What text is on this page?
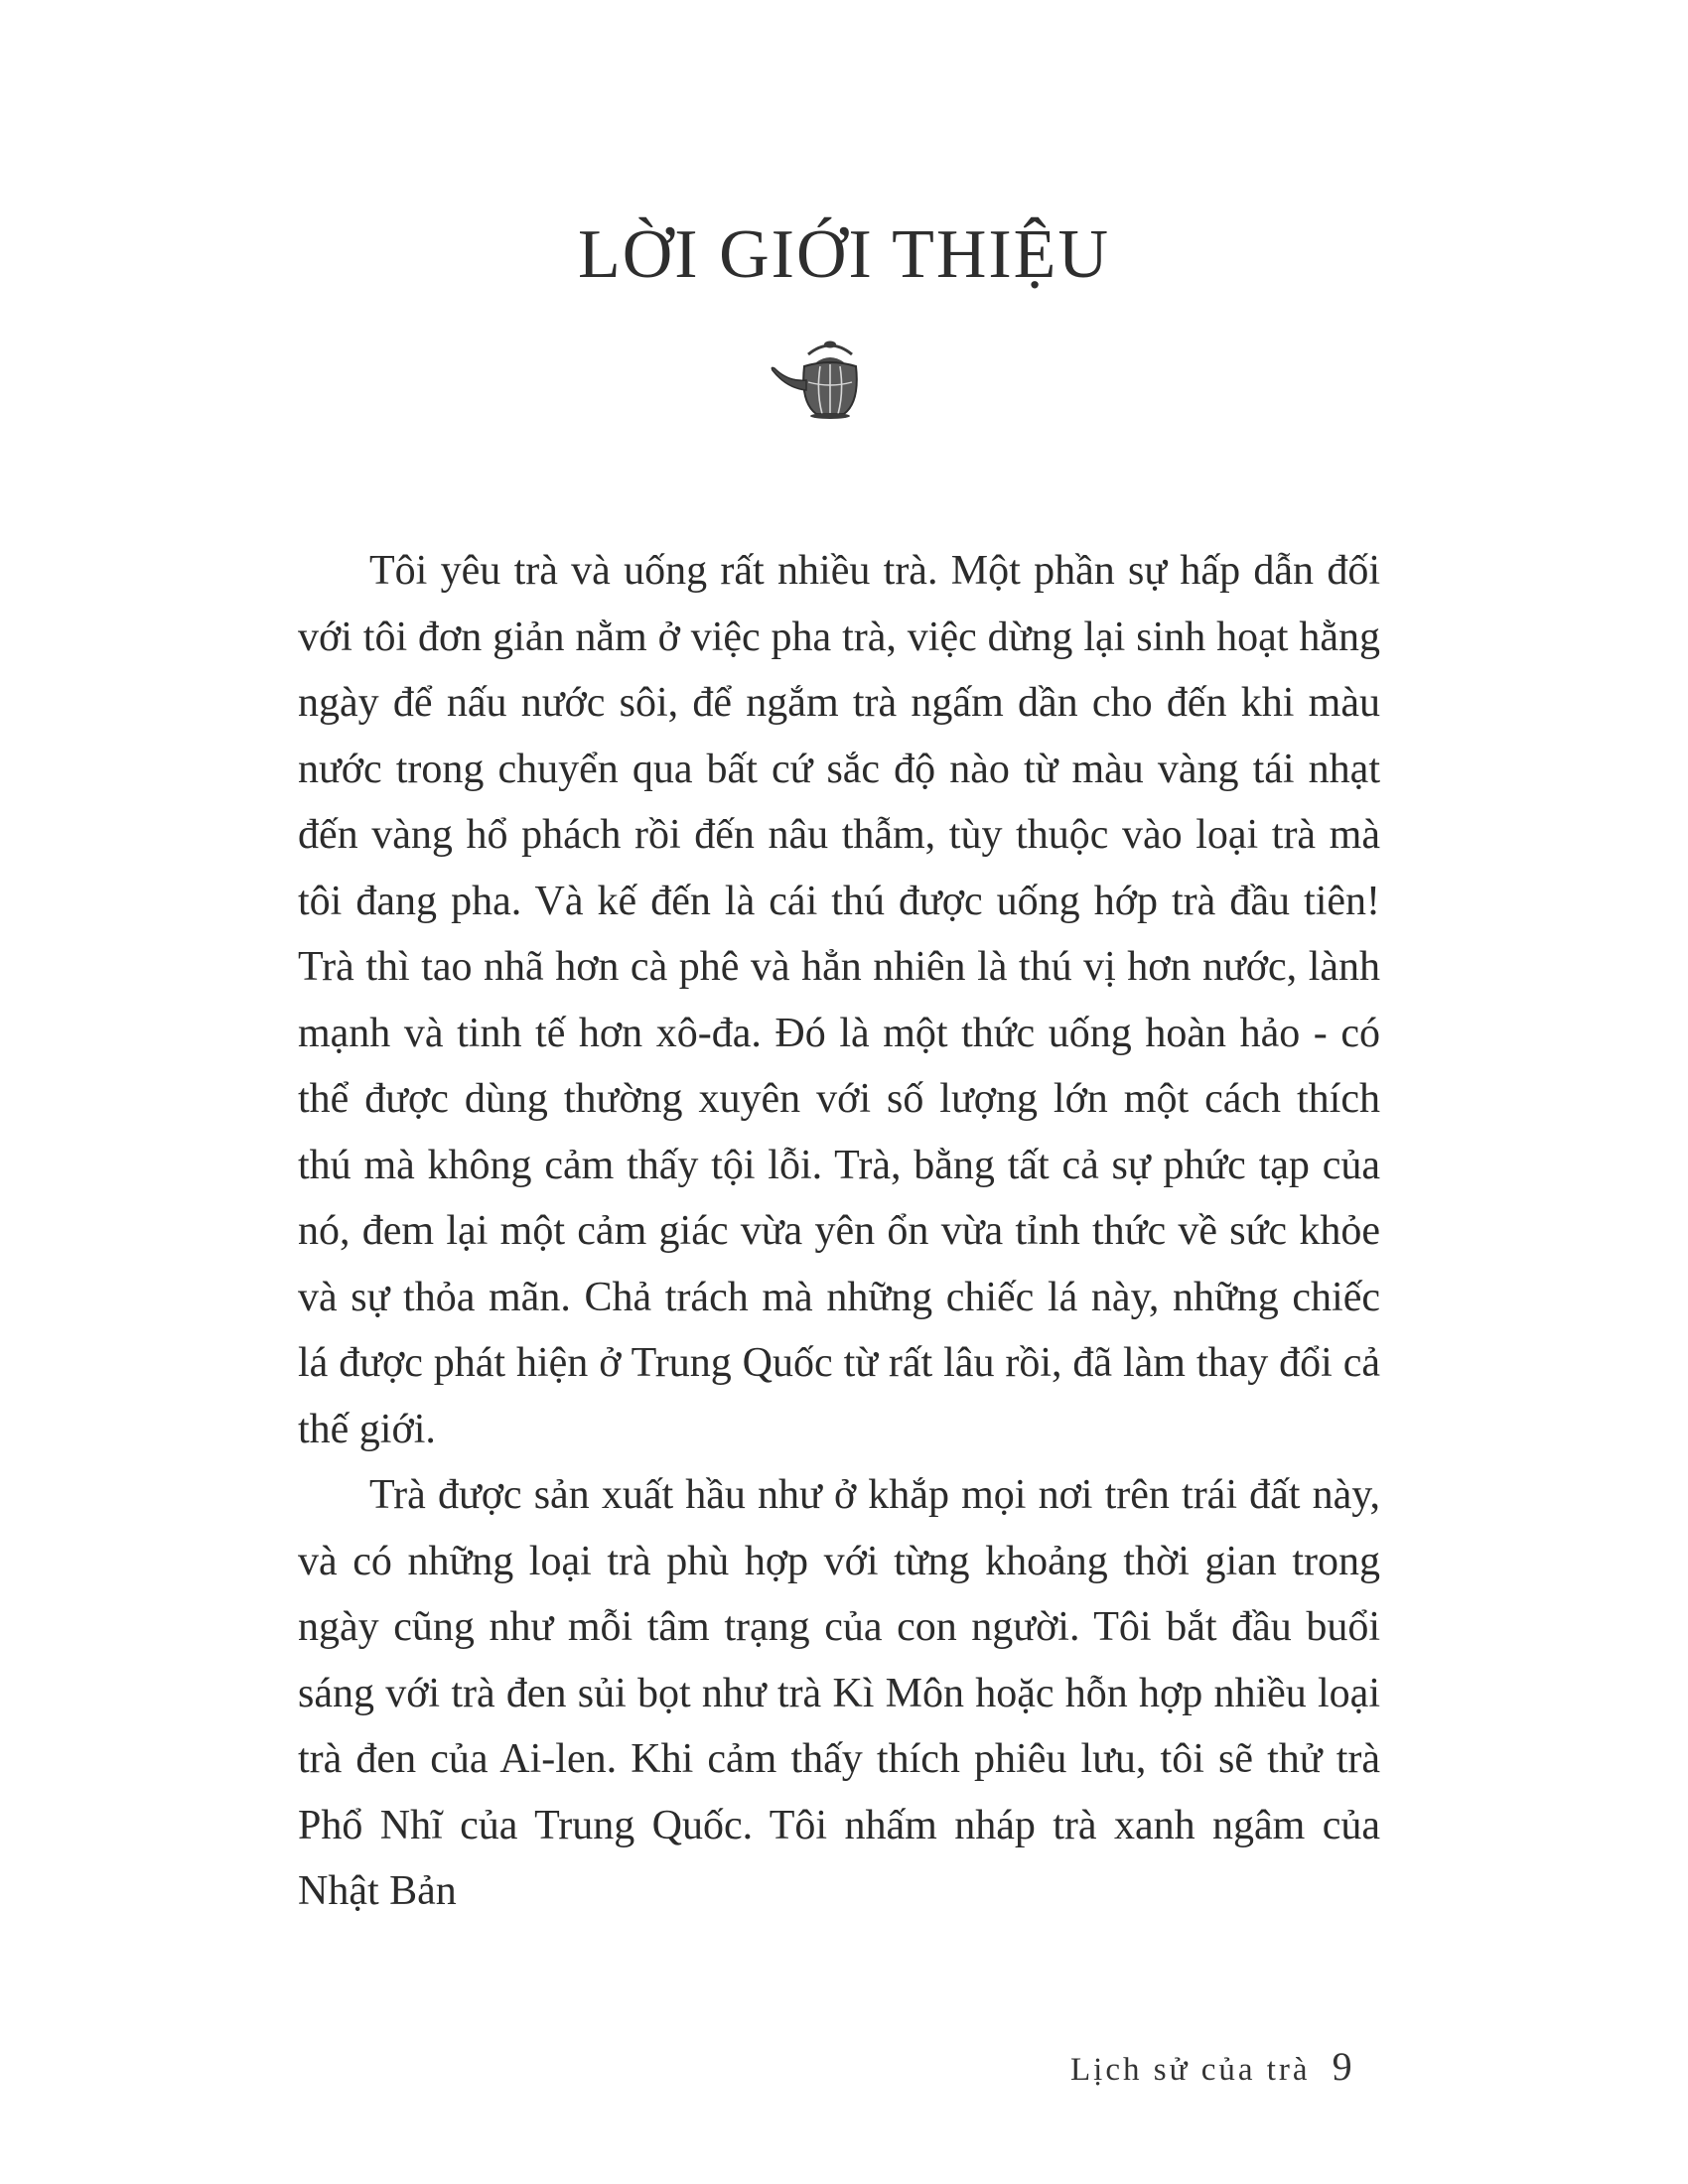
LỜI GIỚI THIỆU

Tôi yêu trà và uống rất nhiều trà. Một phần sự hấp dẫn đối với tôi đơn giản nằm ở việc pha trà, việc dừng lại sinh hoạt hằng ngày để nấu nước sôi, để ngắm trà ngấm dần cho đến khi màu nước trong chuyển qua bất cứ sắc độ nào từ màu vàng tái nhạt đến vàng hổ phách rồi đến nâu thẫm, tùy thuộc vào loại trà mà tôi đang pha. Và kế đến là cái thú được uống hớp trà đầu tiên! Trà thì tao nhã hơn cà phê và hẳn nhiên là thú vị hơn nước, lành mạnh và tinh tế hơn xô-đa. Đó là một thức uống hoàn hảo - có thể được dùng thường xuyên với số lượng lớn một cách thích thú mà không cảm thấy tội lỗi. Trà, bằng tất cả sự phức tạp của nó, đem lại một cảm giác vừa yên ổn vừa tỉnh thức về sức khỏe và sự thỏa mãn. Chả trách mà những chiếc lá này, những chiếc lá được phát hiện ở Trung Quốc từ rất lâu rồi, đã làm thay đổi cả thế giới.

Trà được sản xuất hầu như ở khắp mọi nơi trên trái đất này, và có những loại trà phù hợp với từng khoảng thời gian trong ngày cũng như mỗi tâm trạng của con người. Tôi bắt đầu buổi sáng với trà đen sủi bọt như trà Kì Môn hoặc hỗn hợp nhiều loại trà đen của Ai-len. Khi cảm thấy thích phiêu lưu, tôi sẽ thử trà Phổ Nhĩ của Trung Quốc. Tôi nhấm nháp trà xanh ngâm của Nhật Bản

Lịch sử của trà 9
